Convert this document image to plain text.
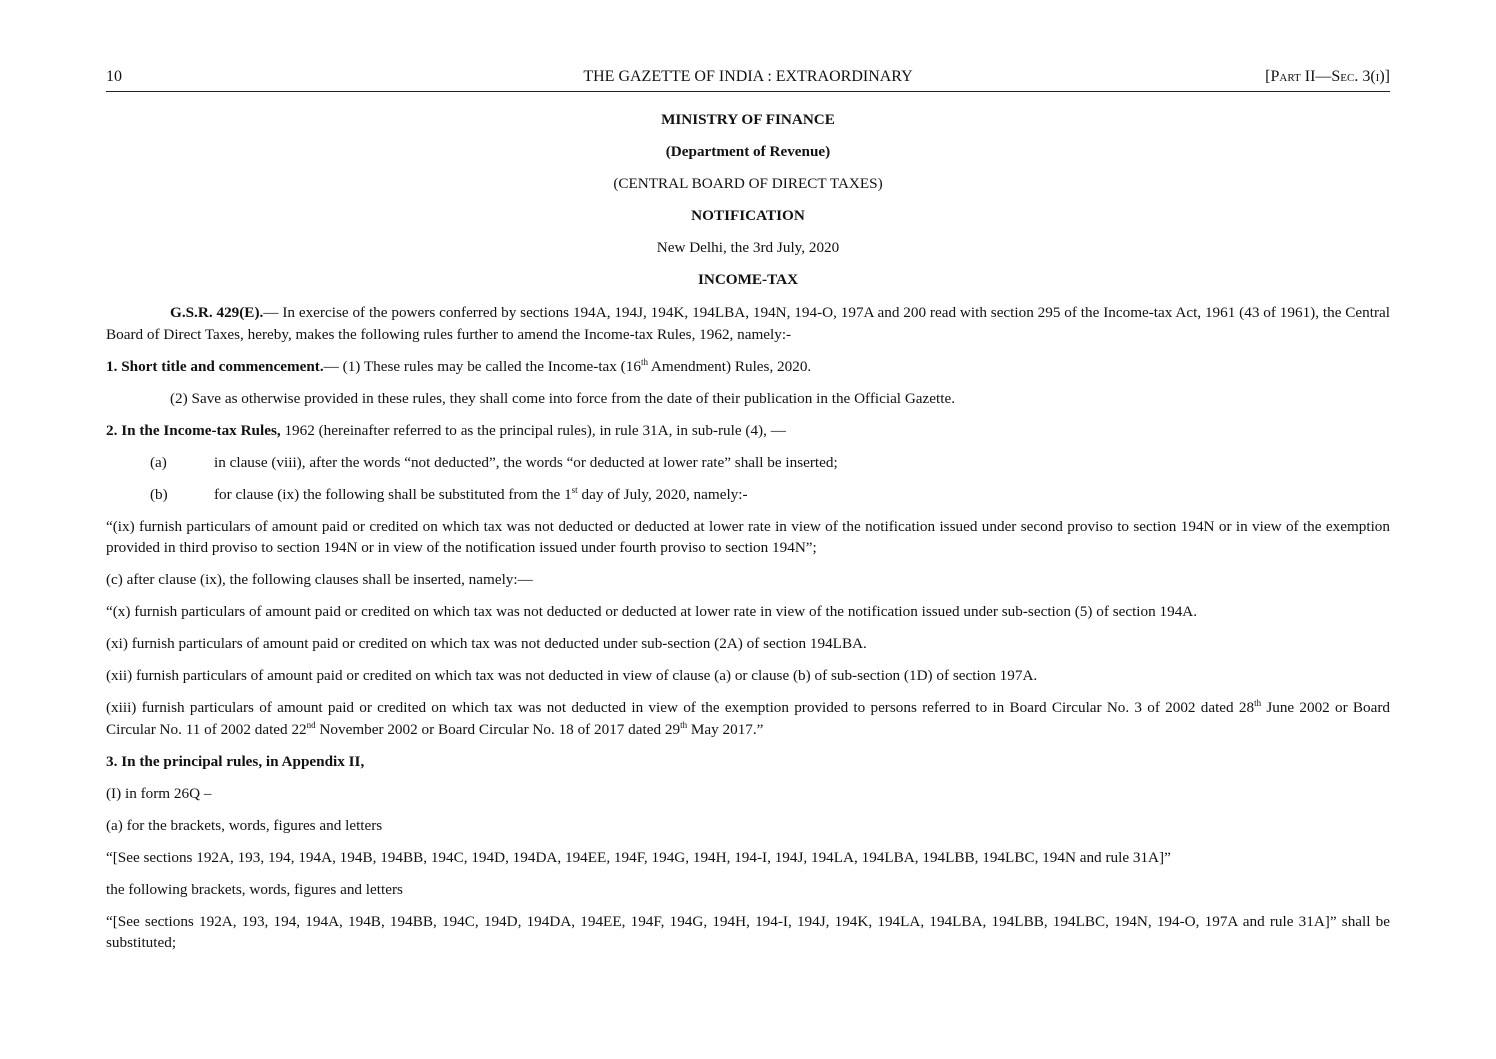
10	THE GAZETTE OF INDIA : EXTRAORDINARY	[Part II—Sec. 3(i)]

MINISTRY OF FINANCE

(Department of Revenue)

(CENTRAL BOARD OF DIRECT TAXES)

NOTIFICATION

New Delhi, the 3rd July, 2020

INCOME-TAX

G.S.R. 429(E).— In exercise of the powers conferred by sections 194A, 194J, 194K, 194LBA, 194N, 194-O, 197A and 200 read with section 295 of the Income-tax Act, 1961 (43 of 1961), the Central Board of Direct Taxes, hereby, makes the following rules further to amend the Income-tax Rules, 1962, namely:-

1. Short title and commencement.— (1) These rules may be called the Income-tax (16th Amendment) Rules, 2020.

(2) Save as otherwise provided in these rules, they shall come into force from the date of their publication in the Official Gazette.

2. In the Income-tax Rules, 1962 (hereinafter referred to as the principal rules), in rule 31A, in sub-rule (4), —

(a)	in clause (viii), after the words “not deducted”, the words “or deducted at lower rate” shall be inserted;

(b)	for clause (ix) the following shall be substituted from the 1st day of July, 2020, namely:-

“(ix) furnish particulars of amount paid or credited on which tax was not deducted or deducted at lower rate in view of the notification issued under second proviso to section 194N or in view of the exemption provided in third proviso to section 194N or in view of the notification issued under fourth proviso to section 194N”;

(c) after clause (ix), the following clauses shall be inserted, namely:—

“(x) furnish particulars of amount paid or credited on which tax was not deducted or deducted at lower rate in view of the notification issued under sub-section (5) of section 194A.

(xi) furnish particulars of amount paid or credited on which tax was not deducted under sub-section (2A) of section 194LBA.

(xii) furnish particulars of amount paid or credited on which tax was not deducted in view of clause (a) or clause (b) of sub-section (1D) of section 197A.

(xiii) furnish particulars of amount paid or credited on which tax was not deducted in view of the exemption provided to persons referred to in Board Circular No. 3 of 2002 dated 28th June 2002 or Board Circular No. 11 of 2002 dated 22nd November 2002 or Board Circular No. 18 of 2017 dated 29th May 2017.”

3. In the principal rules, in Appendix II,

(I) in form 26Q –

(a) for the brackets, words, figures and letters

“[See sections 192A, 193, 194, 194A, 194B, 194BB, 194C, 194D, 194DA, 194EE, 194F, 194G, 194H, 194-I, 194J, 194LA, 194LBA, 194LBB, 194LBC, 194N and rule 31A]”

the following brackets, words, figures and letters

“[See sections 192A, 193, 194, 194A, 194B, 194BB, 194C, 194D, 194DA, 194EE, 194F, 194G, 194H, 194-I, 194J, 194K, 194LA, 194LBA, 194LBB, 194LBC, 194N, 194-O, 197A and rule 31A]” shall be substituted;
